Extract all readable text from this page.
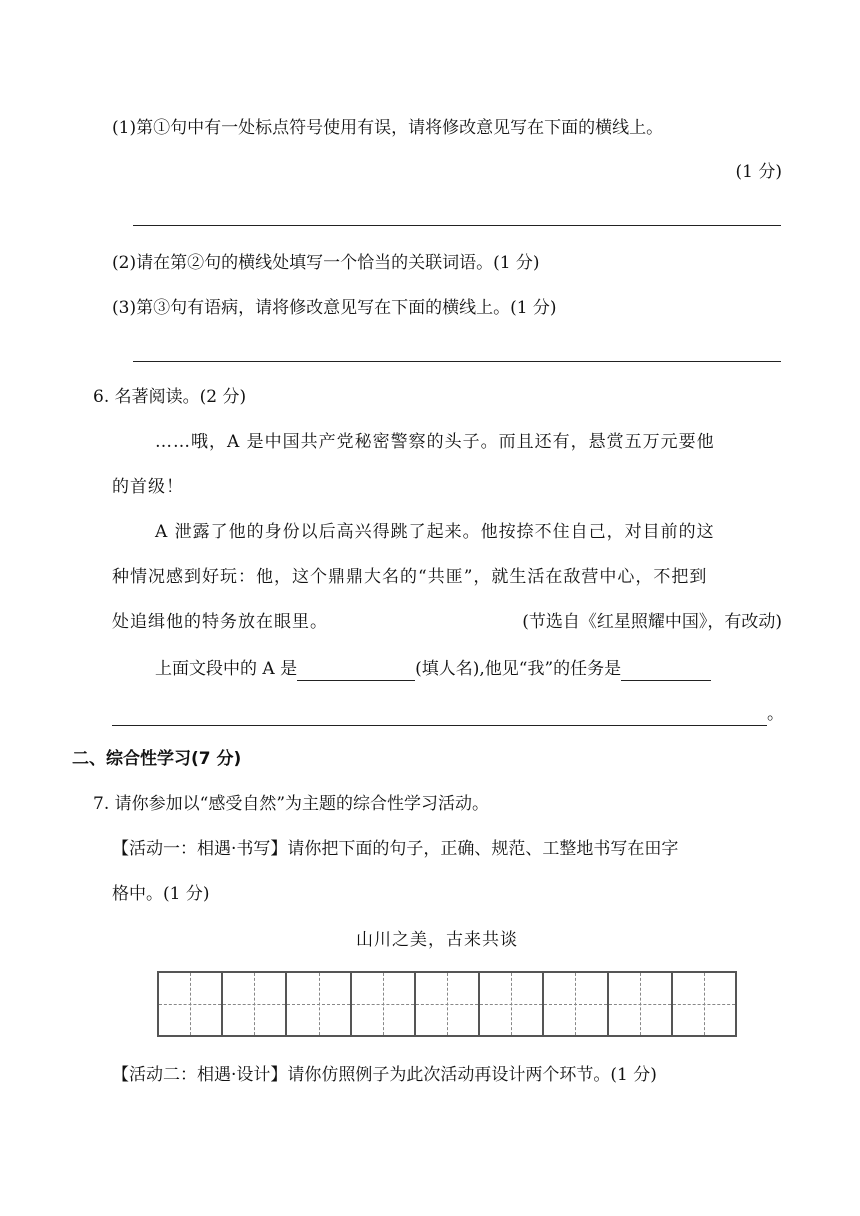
(1)第①句中有一处标点符号使用有误，请将修改意见写在下面的横线上。
(1 分)
(2)请在第②句的横线处填写一个恰当的关联词语。(1 分)
(3)第③句有语病，请将修改意见写在下面的横线上。(1 分)
6. 名著阅读。(2 分)
……哦，A 是中国共产党秘密警察的头子。而且还有，悬赏五万元要他
的首级！
A 泄露了他的身份以后高兴得跳了起来。他按捺不住自己，对目前的这
种情况感到好玩：他，这个鼎鼎大名的“共匪”，就生活在敌营中心，不把到
处追缉他的特务放在眼里。	(节选自《红星照耀中国》，有改动)
上面文段中的 A 是	(填人名),他见“我”的任务是
。
二、综合性学习(7 分)
7. 请你参加以“感受自然”为主题的综合性学习活动。
【活动一：相遇·书写】请你把下面的句子，正确、规范、工整地书写在田字
格中。(1 分)
山川之美，古来共谈
【活动二：相遇·设计】请你仿照例子为此次活动再设计两个环节。(1 分)
